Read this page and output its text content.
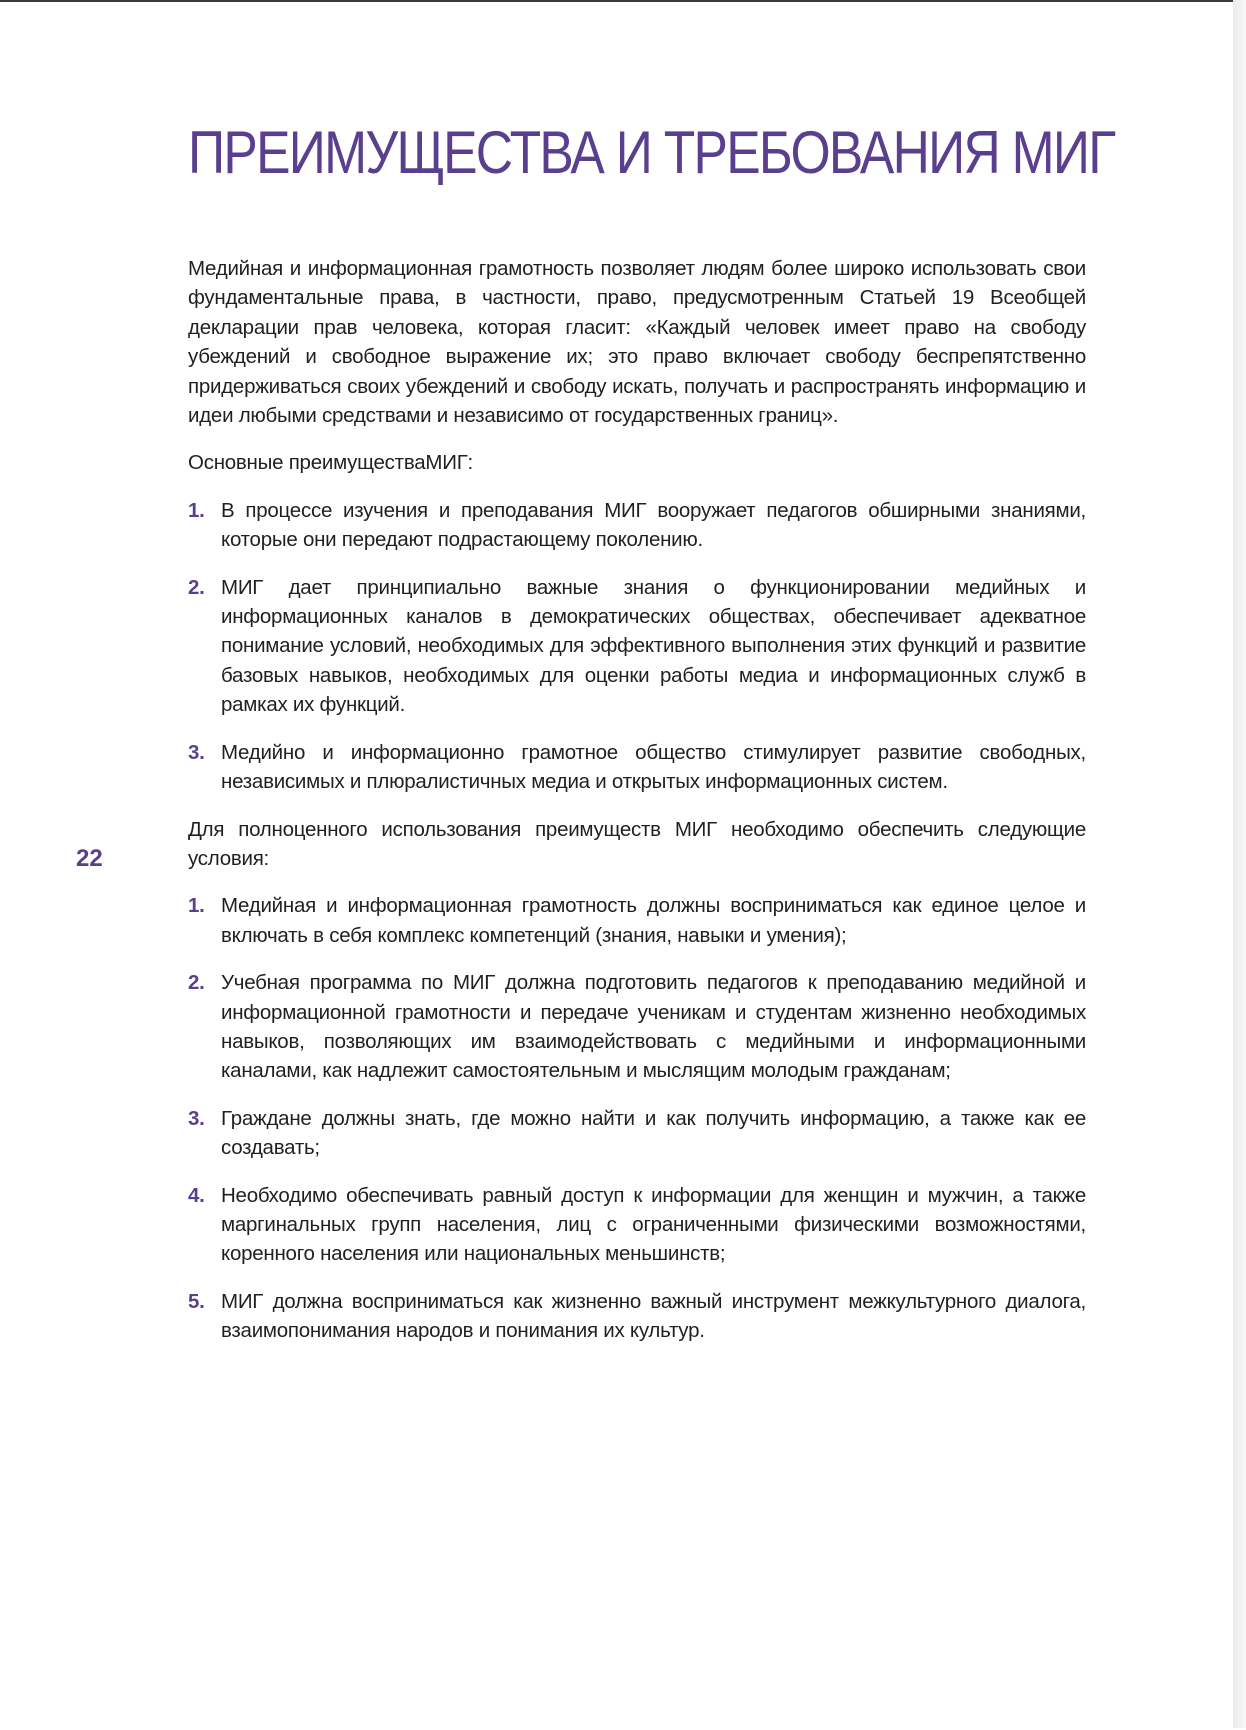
ПРЕИМУЩЕСТВА И ТРЕБОВАНИЯ МИГ
22

Медийная и информационная грамотность позволяет людям более широко использовать свои фундаментальные права, в частности, право, предусмотренным Статьей 19 Всеобщей декларации прав человека, которая гласит: «Каждый человек имеет право на свободу убеждений и свободное выражение их; это право включает свободу беспрепятственно придерживаться своих убеждений и свободу искать, получать и распространять информацию и идеи любыми средствами и независимо от государственных границ».

Основные преимуществаМИГ:

1. В процессе изучения и преподавания МИГ вооружает педагогов обширными знаниями, которые они передают подрастающему поколению.
2. МИГ дает принципиально важные знания о функционировании медийных и информационных каналов в демократических обществах, обеспечивает адекватное понимание условий, необходимых для эффективного выполнения этих функций и развитие базовых навыков, необходимых для оценки работы медиа и информационных служб в рамках их функций.
3. Медийно и информационно грамотное общество стимулирует развитие свободных, независимых и плюралистичных медиа и открытых информационных систем.

Для полноценного использования преимуществ МИГ необходимо обеспечить следующие условия:

1. Медийная и информационная грамотность должны восприниматься как единое целое и включать в себя комплекс компетенций (знания, навыки и умения);
2. Учебная программа по МИГ должна подготовить педагогов к преподаванию медийной и информационной грамотности и передаче ученикам и студентам жизненно необходимых навыков, позволяющих им взаимодействовать с медийными и информационными каналами, как надлежит самостоятельным и мыслящим молодым гражданам;
3. Граждане должны знать, где можно найти и как получить информацию, а также как ее создавать;
4. Необходимо обеспечивать равный доступ к информации для женщин и мужчин, а также маргинальных групп населения, лиц с ограниченными физическими возможностями, коренного населения или национальных меньшинств;
5. МИГ должна восприниматься как жизненно важный инструмент межкультурного диалога, взаимопонимания народов и понимания их культур.
